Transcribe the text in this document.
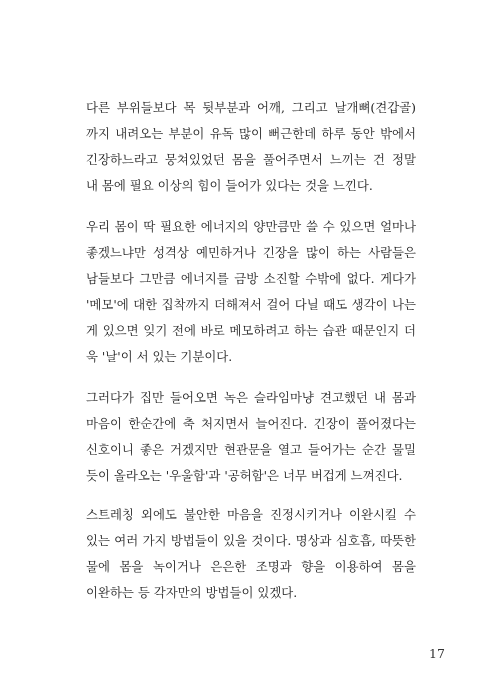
다른 부위들보다 목 뒷부분과 어깨, 그리고 날개뼈(견갑골)
까지 내려오는 부분이 유독 많이 뻐근한데 하루 동안 밖에서
긴장하느라고 뭉쳐있었던 몸을 풀어주면서 느끼는 건 정말
내 몸에 필요 이상의 힘이 들어가 있다는 것을 느낀다.
우리 몸이 딱 필요한 에너지의 양만큼만 쓸 수 있으면 얼마나
좋겠느냐만 성격상 예민하거나 긴장을 많이 하는 사람들은
남들보다 그만큼 에너지를 금방 소진할 수밖에 없다. 게다가
'메모'에 대한 집착까지 더해져서 걸어 다닐 때도 생각이 나는
게 있으면 잊기 전에 바로 메모하려고 하는 습관 때문인지 더
욱 '날'이 서 있는 기분이다.
그러다가 집만 들어오면 녹은 슬라임마냥 견고했던 내 몸과
마음이 한순간에 축 처지면서 늘어진다. 긴장이 풀어졌다는
신호이니 좋은 거겠지만 현관문을 열고 들어가는 순간 물밀
듯이 올라오는 '우울함'과 '공허함'은 너무 버겁게 느껴진다.
스트레칭 외에도 불안한 마음을 진정시키거나 이완시킬 수
있는 여러 가지 방법들이 있을 것이다. 명상과 심호흡, 따뜻한
물에 몸을 녹이거나 은은한 조명과 향을 이용하여 몸을
이완하는 등 각자만의 방법들이 있겠다.
17
